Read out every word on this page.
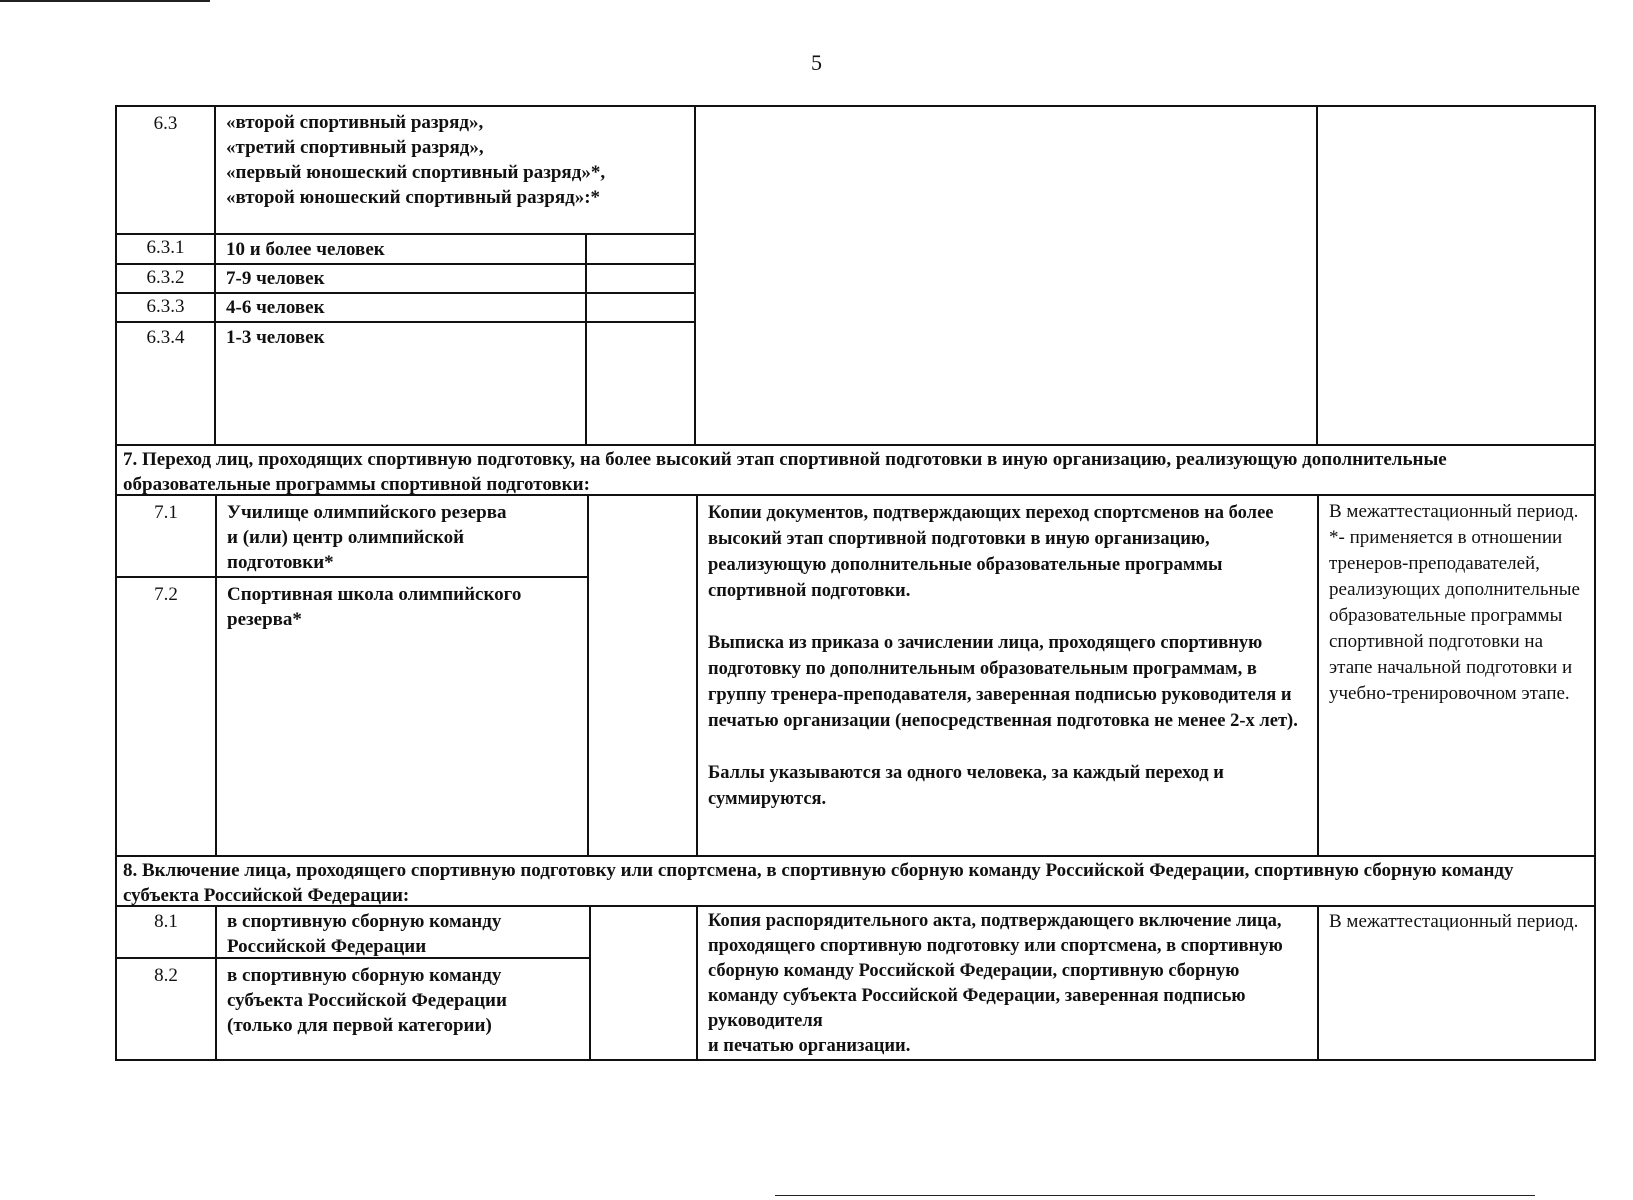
5
6.3	«второй спортивный разряд»,
«третий спортивный разряд»,
«первый юношеский спортивный разряд»*,
«второй юношеский спортивный разряд»:*
6.3.1	10 и более человек
6.3.2	7-9 человек
6.3.3	4-6 человек
6.3.4	1-3 человек
7. Переход лиц, проходящих спортивную подготовку, на более высокий этап спортивной подготовки в иную организацию, реализующую дополнительные образовательные программы спортивной подготовки:
7.1	Училище олимпийского резерва
и (или) центр олимпийской
подготовки*
7.2	Спортивная школа олимпийского
резерва*
Копии документов, подтверждающих переход спортсменов на более высокий этап спортивной подготовки в иную организацию, реализующую дополнительные образовательные программы спортивной подготовки.

Выписка из приказа о зачислении лица, проходящего спортивную подготовку по дополнительным образовательным программам, в группу тренера-преподавателя, заверенная подписью руководителя и печатью организации (непосредственная подготовка не менее 2-х лет).

Баллы указываются за одного человека, за каждый переход и суммируются.
В межаттестационный период.
*- применяется в отношении тренеров-преподавателей, реализующих дополнительные образовательные программы спортивной подготовки на этапе начальной подготовки и учебно-тренировочном этапе.
8. Включение лица, проходящего спортивную подготовку или спортсмена, в спортивную сборную команду Российской Федерации, спортивную сборную команду субъекта Российской Федерации:
8.1	в спортивную сборную команду
Российской Федерации
8.2	в спортивную сборную команду
субъекта Российской Федерации
(только для первой категории)
Копия распорядительного акта, подтверждающего включение лица, проходящего спортивную подготовку или спортсмена, в спортивную сборную команду Российской Федерации, спортивную сборную команду субъекта Российской Федерации, заверенная подписью руководителя
и печатью организации.
В межаттестационный период.
